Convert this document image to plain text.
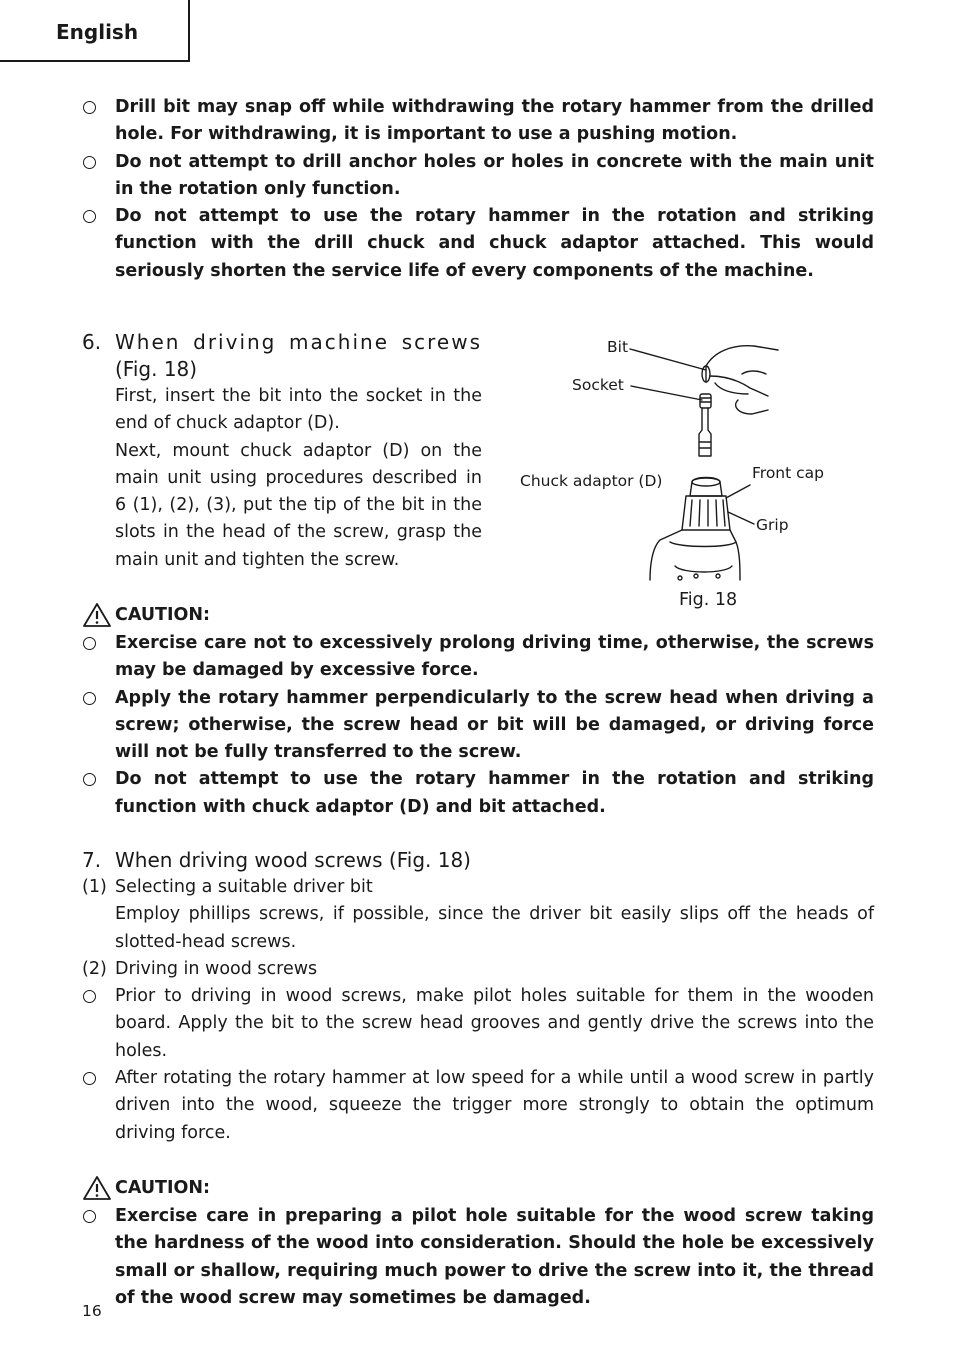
English
Drill bit may snap off while withdrawing the rotary hammer from the drilled hole. For withdrawing, it is important to use a pushing motion.
Do not attempt to drill anchor holes or holes in concrete with the main unit in the rotation only function.
Do not attempt to use the rotary hammer in the rotation and striking function with the drill chuck and chuck adaptor attached. This would seriously shorten the service life of every components of the machine.
6. When driving machine screws
(Fig. 18)
First, insert the bit into the socket in the end of chuck adaptor (D).
Next, mount chuck adaptor (D) on the main unit using procedures described in 6 (1), (2), (3), put the tip of the bit in the slots in the head of the screw, grasp the main unit and tighten the screw.
Bit
Socket
Chuck adaptor (D)	Front cap
Grip
Fig. 18
CAUTION:
Exercise care not to excessively prolong driving time, otherwise, the screws may be damaged by excessive force.
Apply the rotary hammer perpendicularly to the screw head when driving a screw; otherwise, the screw head or bit will be damaged, or driving force will not be fully transferred to the screw.
Do not attempt to use the rotary hammer in the rotation and striking function with chuck adaptor (D) and bit attached.
7. When driving wood screws (Fig. 18)
(1) Selecting a suitable driver bit
Employ phillips screws, if possible, since the driver bit easily slips off the heads of slotted-head screws.
(2) Driving in wood screws
Prior to driving in wood screws, make pilot holes suitable for them in the wooden board. Apply the bit to the screw head grooves and gently drive the screws into the holes.
After rotating the rotary hammer at low speed for a while until a wood screw in partly driven into the wood, squeeze the trigger more strongly to obtain the optimum driving force.
CAUTION:
Exercise care in preparing a pilot hole suitable for the wood screw taking the hardness of the wood into consideration. Should the hole be excessively small or shallow, requiring much power to drive the screw into it, the thread of the wood screw may sometimes be damaged.
16
